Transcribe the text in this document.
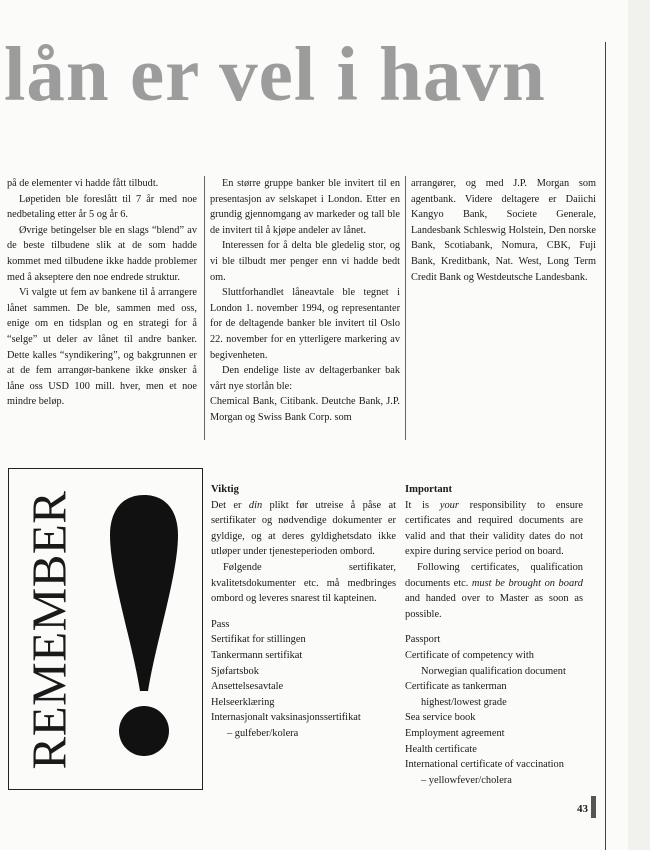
lån er vel i havn

på de elementer vi hadde fått tilbudt.

Løpetiden ble foreslått til 7 år med noe nedbetaling etter år 5 og år 6.

Øvrige betingelser ble en slags “blend” av de beste tilbudene slik at de som hadde kommet med tilbudene ikke hadde problemer med å akseptere den noe endrede struktur.

Vi valgte ut fem av bankene til å arrangere lånet sammen. De ble, sammen med oss, enige om en tidsplan og en strategi for å “selge” ut deler av lånet til andre banker. Dette kalles “syndikering”, og bakgrunnen er at de fem arrangør-bankene ikke ønsker å låne oss USD 100 mill. hver, men et noe mindre beløp.

En større gruppe banker ble invitert til en presentasjon av selskapet i London. Etter en grundig gjennomgang av markeder og tall ble de invitert til å kjøpe andeler av lånet.

Interessen for å delta ble gledelig stor, og vi ble tilbudt mer penger enn vi hadde bedt om.

Sluttforhandlet låneavtale ble tegnet i London 1. november 1994, og representanter for de deltagende banker ble invitert til Oslo 22. november for en ytterligere markering av begivenheten.

Den endelige liste av deltagerbanker bak vårt nye storlån ble:

Chemical Bank, Citibank. Deutche Bank, J.P. Morgan og Swiss Bank Corp. som

arrangører, og med J.P. Morgan som agentbank. Videre deltagere er Daiichi Kangyo Bank, Societe Generale, Landesbank Schleswig Holstein, Den norske Bank, Scotiabank, Nomura, CBK, Fuji Bank, Kreditbank, Nat. West, Long Term Credit Bank og Westdeutsche Landesbank.

REMEMBER
Viktig

Det er din plikt før utreise å påse at sertifikater og nødvendige dokumenter er gyldige, og at deres gyldighetsdato ikke utløper under tjenesteperioden ombord.

Følgende sertifikater, kvalitetsdokumenter etc. må medbringes ombord og leveres snarest til kapteinen.

Pass
Sertifikat for stillingen
Tankermann sertifikat
Sjøfartsbok
Ansettelsesavtale
Helseerklæring
Internasjonalt vaksinasjonssertifikat
– gulfeber/kolera
Important

It is your responsibility to ensure certificates and required documents are valid and that their validity dates do not expire during service period on board.

Following certificates, qualification documents etc. must be brought on board and handed over to Master as soon as possible.

Passport
Certificate of competency with
Norwegian qualification document
Certificate as tankerman
highest/lowest grade
Sea service book
Employment agreement
Health certificate
International certificate of vaccination
– yellowfever/cholera
43
